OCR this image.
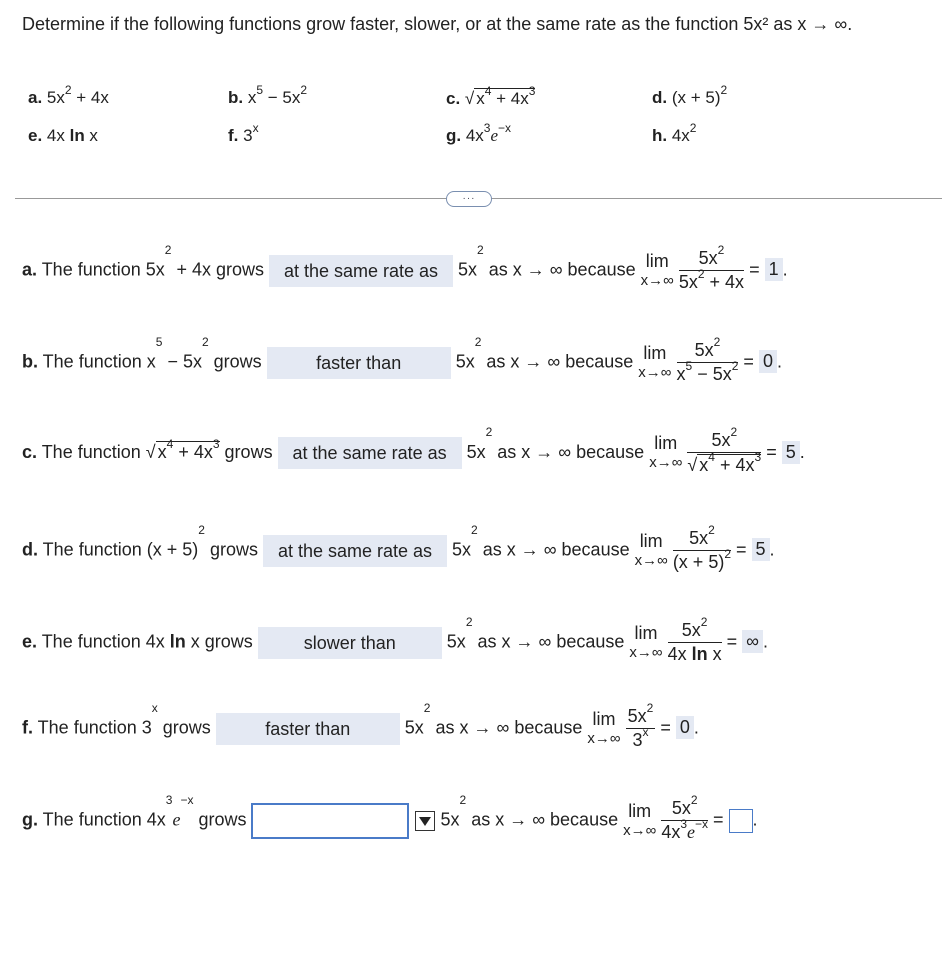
Determine if the following functions grow faster, slower, or at the same rate as the function 5x² as x → ∞.
a. $5x^2 + 4x$	b. $x^5 - 5x^2$	c. √ $x^4 + 4x^3$	d. $(x + 5)^2$
e. 4x ln x	f. 3$^x$	g. $4x^3e^{-x}$	h. $4x^2$
···
a. The function $5x^2 + 4x$ grows at the same rate as $5x^2$ as x → ∞ because lim
x→∞
$\frac{5x^2}{5x^2 + 4x} = 1$ .
b. The function $x^5 - 5x^2$ grows	faster than	$5x^2$ as x → ∞ because lim
x→∞
$\frac{5x^2}{x^5 - 5x^2} = 0$ .
c. The function √ $x^4 + 4x^3$ grows at the same rate as $5x^2$ as x → ∞ because lim
x→∞
$\frac{5x^2}{√ x^4 + 4x^3} = 5$ .
d. The function $(x + 5)^2$ grows at the same rate as $5x^2$ as x → ∞ because lim
x→∞
$\frac{5x^2}{(x + 5)^2} = 5$ .
e. The function 4x ln x grows	slower than	$5x^2$ as x → ∞ because lim
x→∞
$\frac{5x^2}{\text{4x ln x}}$ = ∞ .
f. The function 3$^x$ grows	faster than	$5x^2$ as x → ∞ because lim
x→∞
$\frac{5x^2}{3^x} = 0$ .
g. The function $4x^3e^{-x}$ grows	$5x^2$ as x → ∞ because lim
x→∞
$\frac{5x^2}{4x^3e^{-x}}$ = .
